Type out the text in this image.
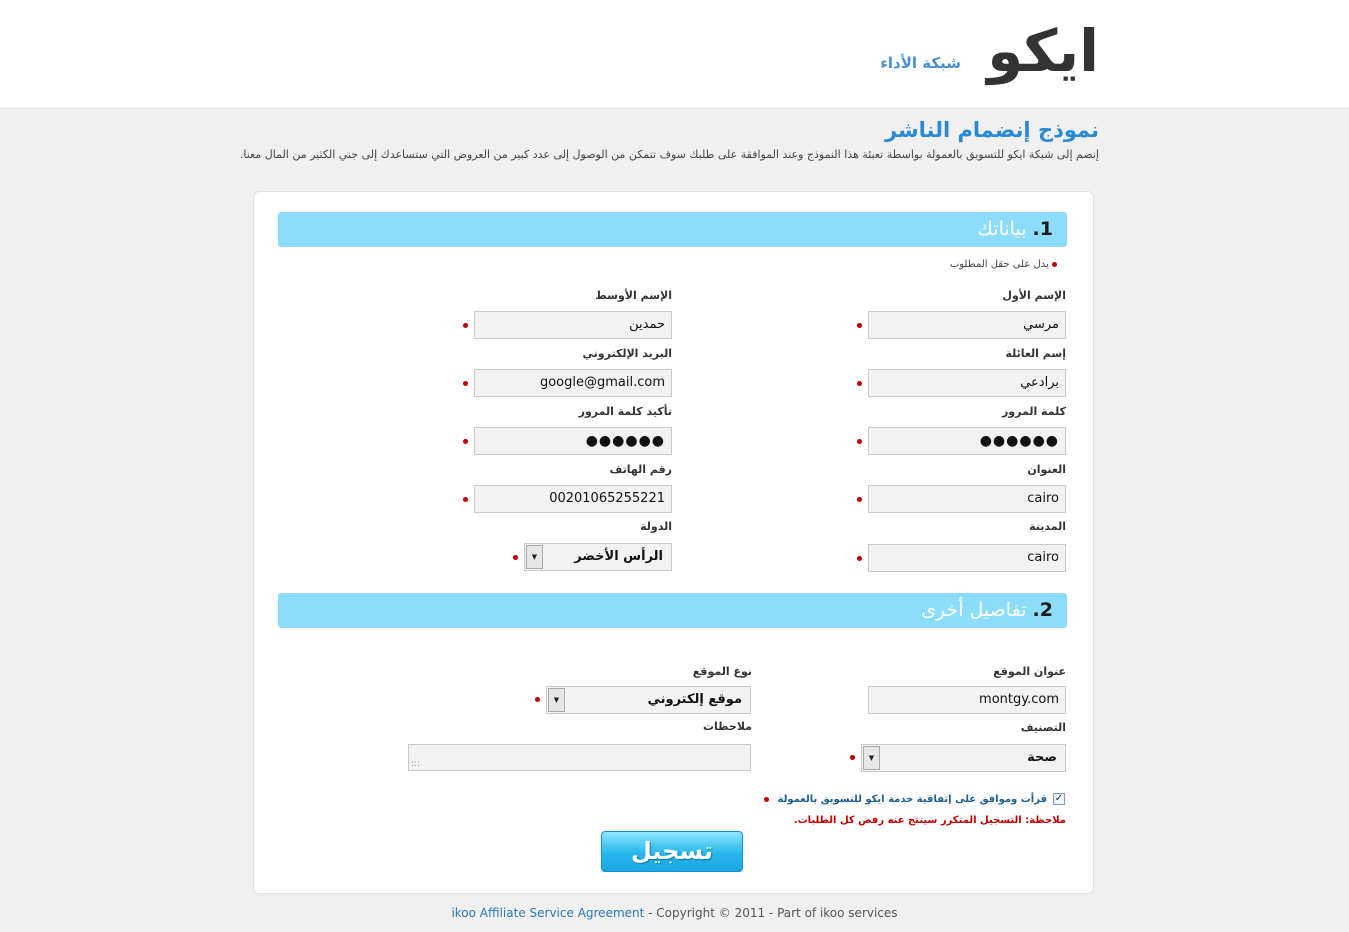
ايكو
شبكة الأداء
نموذج إنضمام الناشر
إنضم إلى شبكة ايكو للتسويق بالعمولة بواسطة تعبئة هذا النموذج وعند الموافقة على طلبك سوف تتمكن من الوصول إلى عدد كبير من العروض التي ستساعدك إلى جني الكثير من المال معنا.
1. بياناتك
يدل على حقل المطلوب
الإسم الأول
مرسي
الإسم الأوسط
حمدين
إسم العائلة
برادعي
البريد الإلكتروني
google@gmail.com
كلمة المرور
●●●●●●
تأكيد كلمة المرور
●●●●●●
العنوان
cairo
رقم الهاتف
00201065255221
المدينة
cairo
الدولة
الرأس الأخضر
▼
2. تفاصيل أخرى
عنوان الموقع
montgy.com
نوع الموقع
موقع إلكتروني
▼
التصنيف
صحة
▼
ملاحظات
:::
✓قرأت وموافق على إتفاقية خدمة ايكو للتسويق بالعمولة
ملاحظة: التسجيل المتكرر سينتج عنه رفض كل الطلبات.
تسجيل
ikoo Affiliate Service Agreement - Copyright © 2011 - Part of ikoo services
